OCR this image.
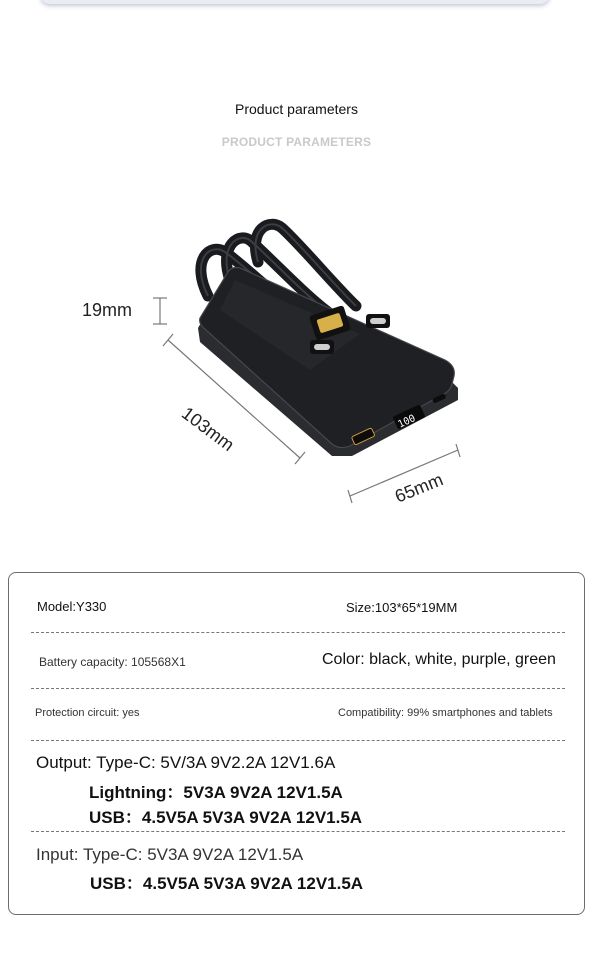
Product parameters
PRODUCT PARAMETERS
100
19mm
103mm
65mm
Model:Y330	Size:103*65*19MM
Battery capacity: 105568X1	Color: black, white, purple, green
Protection circuit: yes	Compatibility: 99% smartphones and tablets
Output: Type-C: 5V/3A 9V2.2A 12V1.6A
Lightning：5V3A 9V2A 12V1.5A
USB：4.5V5A 5V3A 9V2A 12V1.5A
Input: Type-C: 5V3A 9V2A 12V1.5A
USB：4.5V5A 5V3A 9V2A 12V1.5A
